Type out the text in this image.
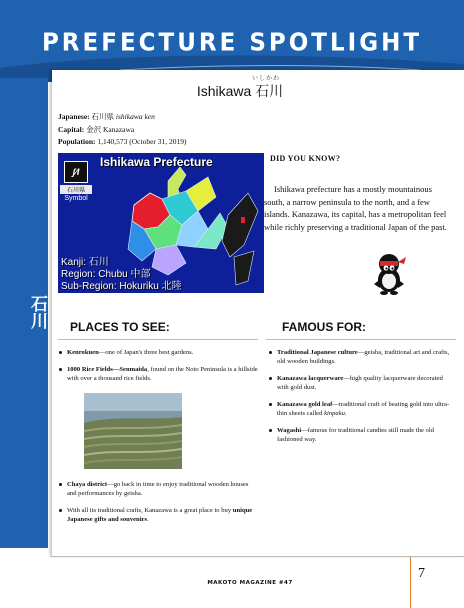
PREFECTURE SPOTLIGHT
石川
いしかわ
Ishikawa 石川
Japanese: 石川県 ishikawa ken
Capital: 金沢 Kanazawa
Population: 1,140,573 (October 31, 2019)
Ishikawa Prefecture
ʃ⁄Ɩ
石川県
Symbol
Kanji: 石川
Region: Chubu 中部
Sub-Region: Hokuriku 北陸
DID YOU KNOW?
Ishikawa prefecture has a mostly mountainous south, a narrow peninsula to the north, and a few islands. Kanazawa, its capital, has a metropolitan feel while richly preserving a traditional Japan of the past.
PLACES TO SEE:
Kenrokuen—one of Japan's three best gardens.
1000 Rice Fields—Senmaida, found on the Noto Peninsula is a hillside with over a thousand rice fields.
Chaya district—go back in time to enjoy traditional wooden houses and performances by geisha.
With all its traditional crafts, Kanazawa is a great place to buy unique Japanese gifts and souvenirs.
FAMOUS FOR:
Traditional Japanese culture—geisha, traditional art and crafts, old wooden buildings.
Kanazawa lacquerware—high quality lacquerware decorated with gold dust.
Kanazawa gold leaf—traditional craft of beating gold into ultra-thin sheets called kinpaku.
Wagashi—famous for traditional candies still made the old fashioned way.
MAKOTO MAGAZINE #47
7
